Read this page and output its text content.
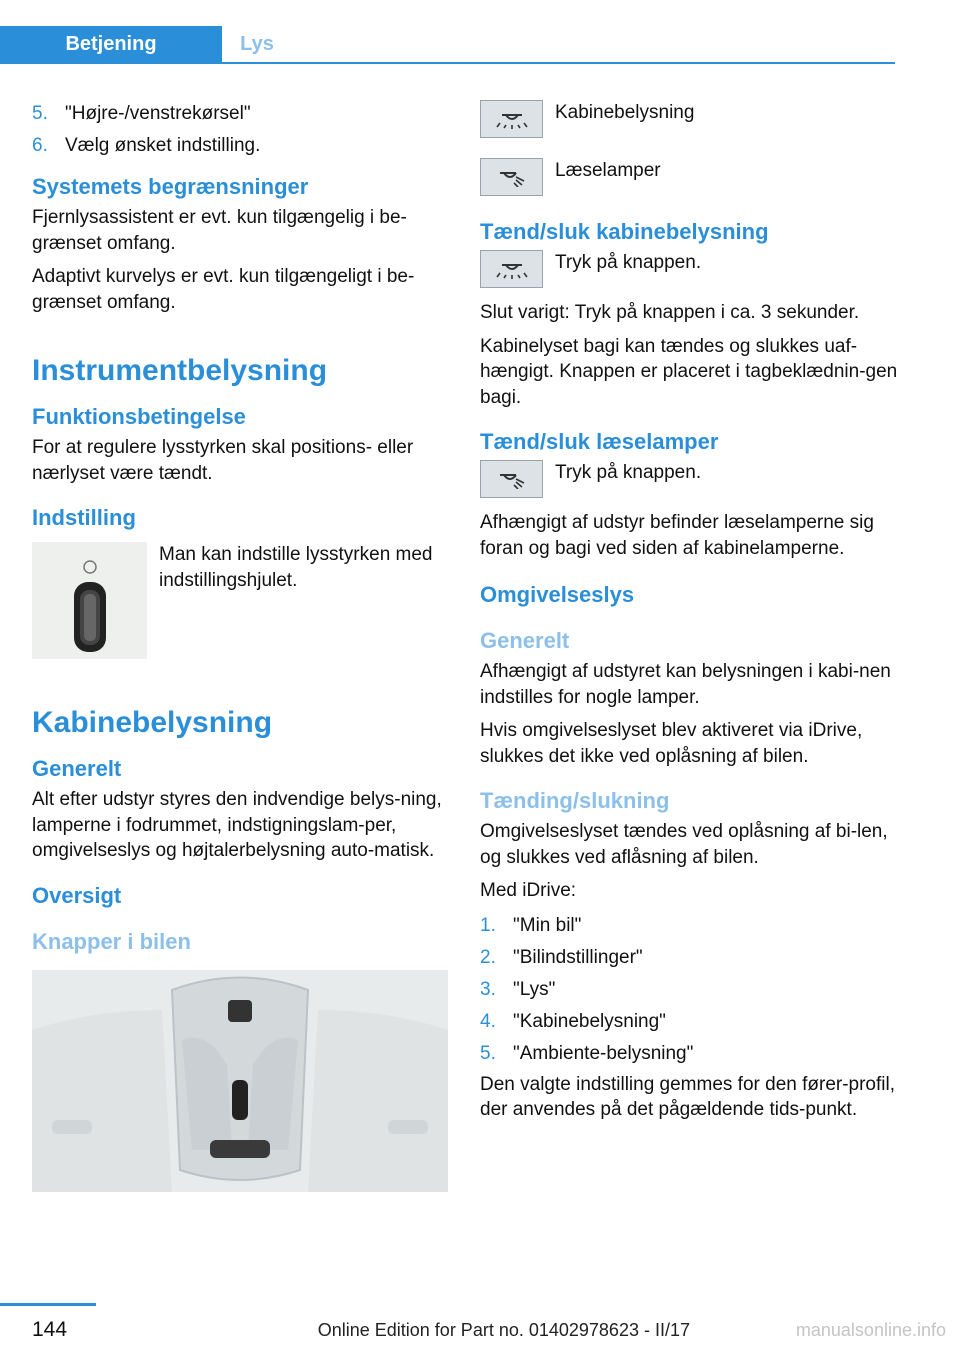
Betjening	Lys
5. "Højre-/venstrekørsel"
6. Vælg ønsket indstilling.
Systemets begrænsninger

Fjernlysassistent er evt. kun tilgængelig i be-grænset omfang.

Adaptivt kurvelys er evt. kun tilgængeligt i be-grænset omfang.

Instrumentbelysning
Funktionsbetingelse

For at regulere lysstyrken skal positions- eller nærlyset være tændt.

Indstilling
Man kan indstille lysstyrken med indstillingshjulet.
Kabinebelysning
Generelt

Alt efter udstyr styres den indvendige belys-ning, lamperne i fodrummet, indstigningslam-per, omgivelseslys og højtalerbelysning auto-matisk.

Oversigt
Knapper i bilen
Kabinebelysning
Læselamper
Tænd/sluk kabinebelysning
Tryk på knappen.

Slut varigt: Tryk på knappen i ca. 3 sekunder.

Kabinelyset bagi kan tændes og slukkes uaf-hængigt. Knappen er placeret i tagbeklædnin-gen bagi.

Tænd/sluk læselamper
Tryk på knappen.

Afhængigt af udstyr befinder læselamperne sig foran og bagi ved siden af kabinelamperne.

Omgivelseslys
Generelt

Afhængigt af udstyret kan belysningen i kabi-nen indstilles for nogle lamper.

Hvis omgivelseslyset blev aktiveret via iDrive, slukkes det ikke ved oplåsning af bilen.

Tænding/slukning

Omgivelseslyset tændes ved oplåsning af bi-len, og slukkes ved aflåsning af bilen.

Med iDrive:

1. "Min bil"
2. "Bilindstillinger"
3. "Lys"
4. "Kabinebelysning"
5. "Ambiente-belysning"

Den valgte indstilling gemmes for den fører-profil, der anvendes på det pågældende tids-punkt.

144	Online Edition for Part no. 01402978623 - II/17	manualsonline.info
